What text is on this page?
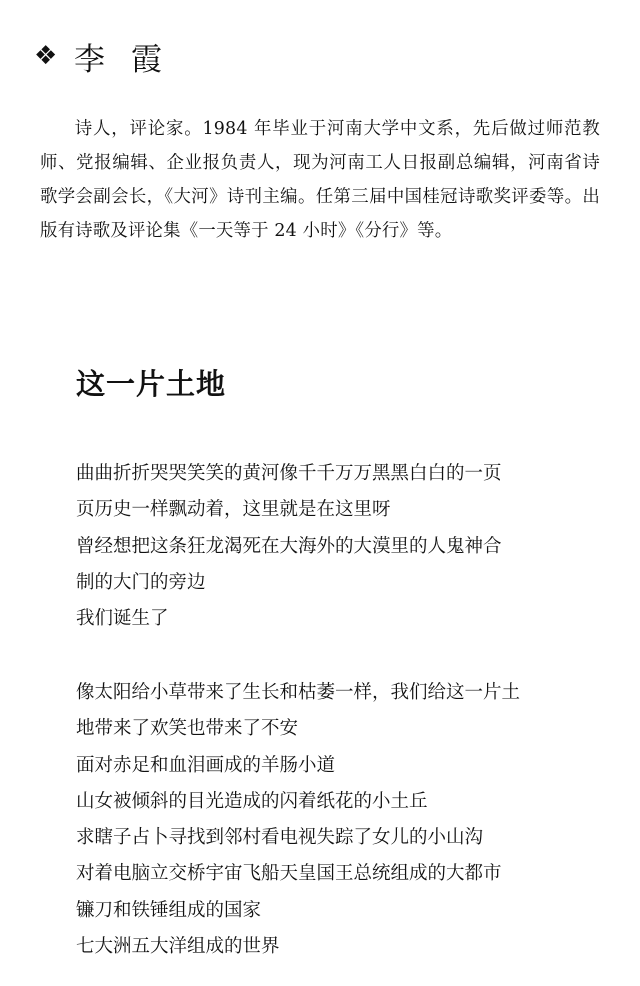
❖ 李霞

诗人，评论家。1984 年毕业于河南大学中文系，先后做过师范教师、党报编辑、企业报负责人，现为河南工人日报副总编辑，河南省诗歌学会副会长，《大河》诗刊主编。任第三届中国桂冠诗歌奖评委等。出版有诗歌及评论集《一天等于 24 小时》《分行》等。

这一片土地
曲曲折折哭哭笑笑的黄河像千千万万黑黑白白的一页
页历史一样飘动着，这里就是在这里呀
曾经想把这条狂龙渴死在大海外的大漠里的人鬼神合
制的大门的旁边
我们诞生了
像太阳给小草带来了生长和枯萎一样，我们给这一片土
地带来了欢笑也带来了不安
面对赤足和血泪画成的羊肠小道
山女被倾斜的目光造成的闪着纸花的小土丘
求瞎子占卜寻找到邻村看电视失踪了女儿的小山沟
对着电脑立交桥宇宙飞船天皇国王总统组成的大都市
镰刀和铁锤组成的国家
七大洲五大洋组成的世界
